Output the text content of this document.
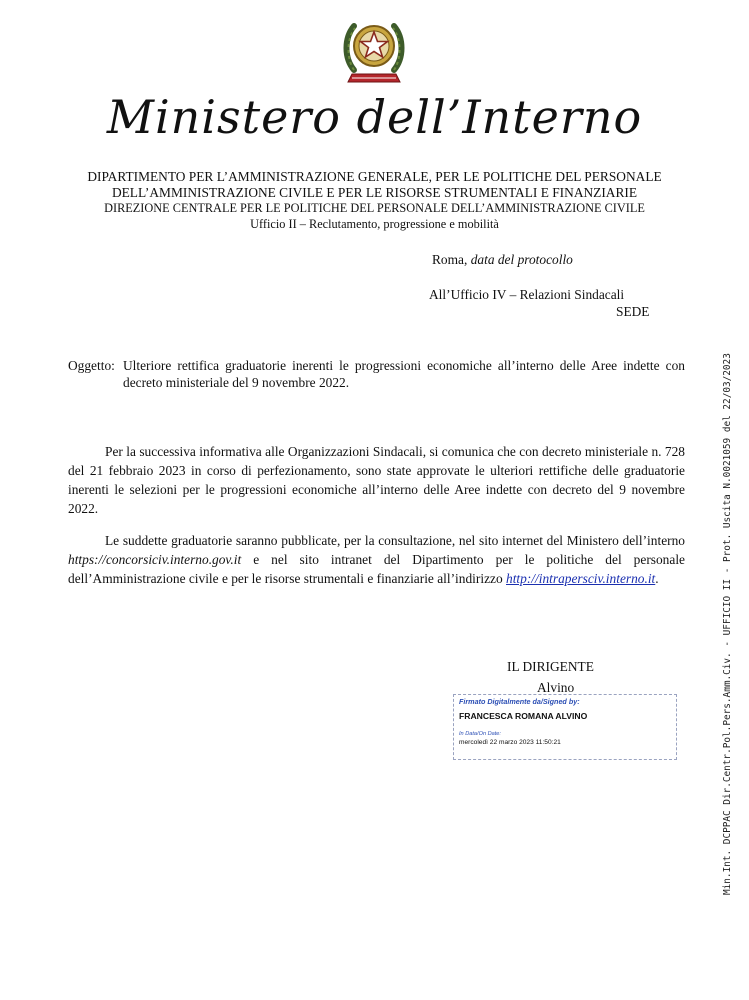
Ministero dell’Interno
DIPARTIMENTO PER L’AMMINISTRAZIONE GENERALE, PER LE POLITICHE DEL PERSONALE
DELL’AMMINISTRAZIONE CIVILE E PER LE RISORSE STRUMENTALI E FINANZIARIE
DIREZIONE CENTRALE PER LE POLITICHE DEL PERSONALE DELL’AMMINISTRAZIONE CIVILE
Ufficio II – Reclutamento, progressione e mobilità
Roma, data del protocollo
All’Ufficio IV – Relazioni Sindacali
SEDE
Oggetto: Ulteriore rettifica graduatorie inerenti le progressioni economiche all’interno delle Aree indette con decreto ministeriale del 9 novembre 2022.
Per la successiva informativa alle Organizzazioni Sindacali, si comunica che con decreto ministeriale n. 728 del 21 febbraio 2023 in corso di perfezionamento, sono state approvate le ulteriori rettifiche delle graduatorie inerenti le selezioni per le progressioni economiche all’interno delle Aree indette con decreto del 9 novembre 2022.
Le suddette graduatorie saranno pubblicate, per la consultazione, nel sito internet del Ministero dell’interno https://concorsiciv.interno.gov.it e nel sito intranet del Dipartimento per le politiche del personale dell’Amministrazione civile e per le risorse strumentali e finanziarie all’indirizzo http://intrapersciv.interno.it.
IL DIRIGENTE
Alvino
Firmato Digitalmente da/Signed by:
FRANCESCA ROMANA ALVINO
In Data/On Date:
mercoledì 22 marzo 2023 11:50:21	Min.Int. DCPPAC Dir.Centr.Pol.Pers.Amm.Civ. - UFFICIO II - Prot. Uscita N.0021059 del 22/03/2023
